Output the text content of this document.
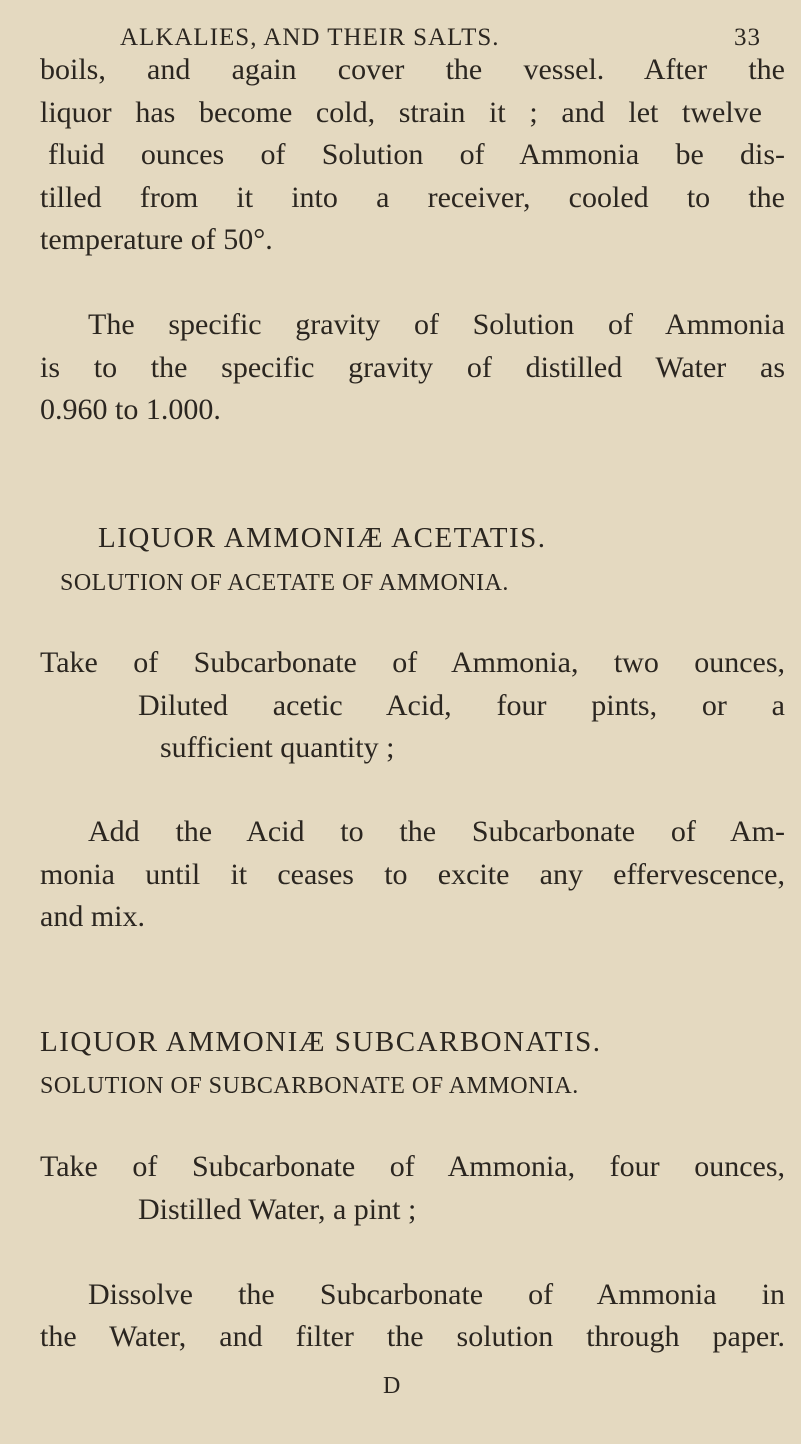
ALKALIES, AND THEIR SALTS.	33
boils, and again cover the vessel. After the
liquor has become cold, strain it ; and let twelve
fluid ounces of Solution of Ammonia be dis-
tilled from it into a receiver, cooled to the
temperature of 50°.
The specific gravity of Solution of Ammonia
is to the specific gravity of distilled Water as
0.960 to 1.000.
LIQUOR AMMONIÆ ACETATIS.
SOLUTION OF ACETATE OF AMMONIA.
Take of Subcarbonate of Ammonia, two ounces,
Diluted acetic Acid, four pints, or a
sufficient quantity ;
Add the Acid to the Subcarbonate of Am-
monia until it ceases to excite any effervescence,
and mix.
LIQUOR AMMONIÆ SUBCARBONATIS.
SOLUTION OF SUBCARBONATE OF AMMONIA.
Take of Subcarbonate of Ammonia, four ounces,
Distilled Water, a pint ;
Dissolve the Subcarbonate of Ammonia in
the Water, and filter the solution through paper.
D
